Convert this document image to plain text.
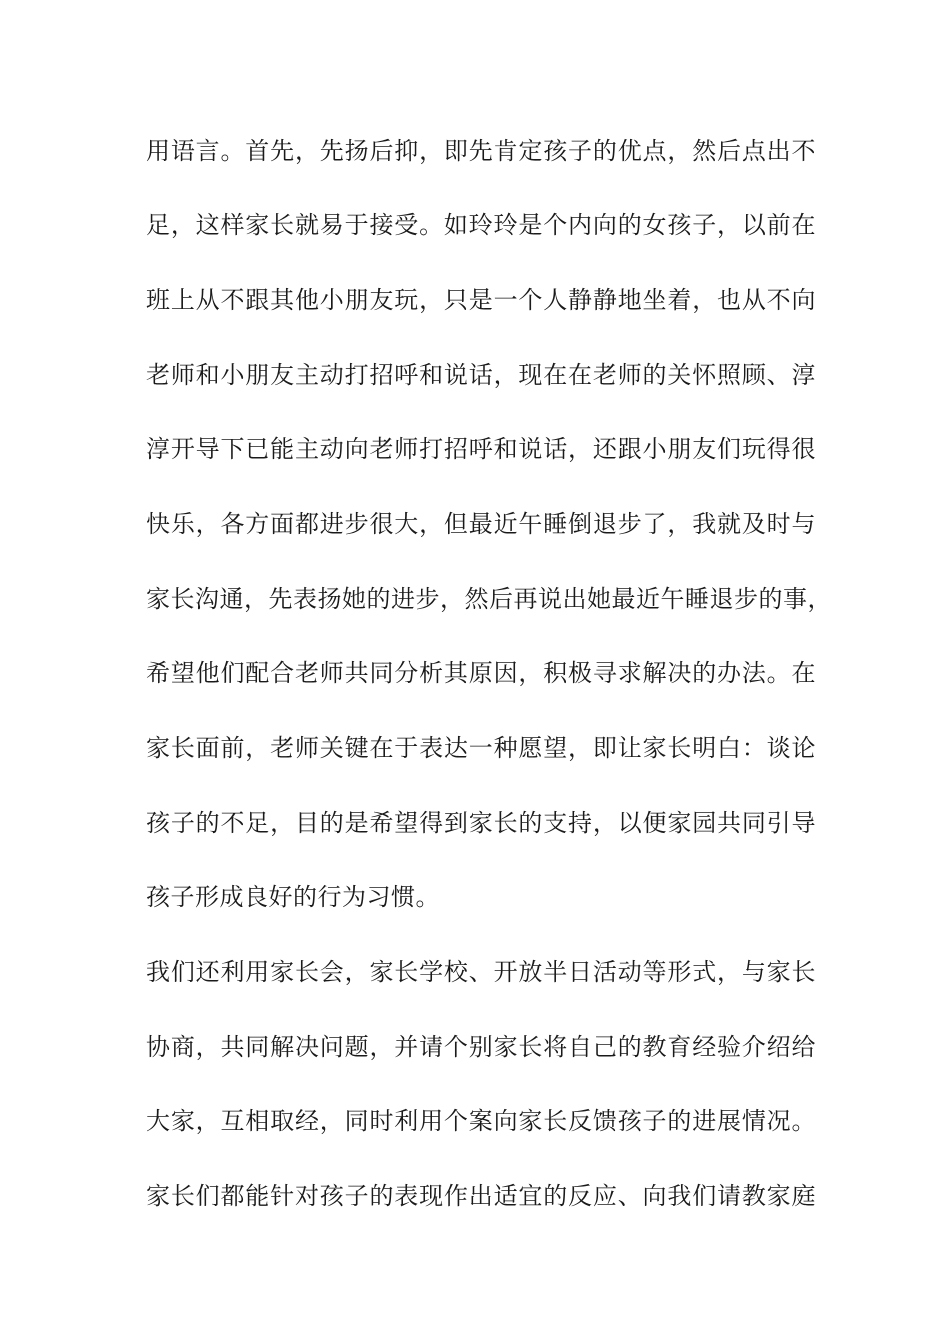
用语言。首先，先扬后抑，即先肯定孩子的优点，然后点出不
足，这样家长就易于接受。如玲玲是个内向的女孩子，以前在
班上从不跟其他小朋友玩，只是一个人静静地坐着，也从不向
老师和小朋友主动打招呼和说话，现在在老师的关怀照顾、淳
淳开导下已能主动向老师打招呼和说话，还跟小朋友们玩得很
快乐，各方面都进步很大，但最近午睡倒退步了，我就及时与
家长沟通，先表扬她的进步，然后再说出她最近午睡退步的事，
希望他们配合老师共同分析其原因，积极寻求解决的办法。在
家长面前，老师关键在于表达一种愿望，即让家长明白：谈论
孩子的不足，目的是希望得到家长的支持，以便家园共同引导
孩子形成良好的行为习惯。
我们还利用家长会，家长学校、开放半日活动等形式，与家长
协商，共同解决问题，并请个别家长将自己的教育经验介绍给
大家，互相取经，同时利用个案向家长反馈孩子的进展情况。
家长们都能针对孩子的表现作出适宜的反应、向我们请教家庭
